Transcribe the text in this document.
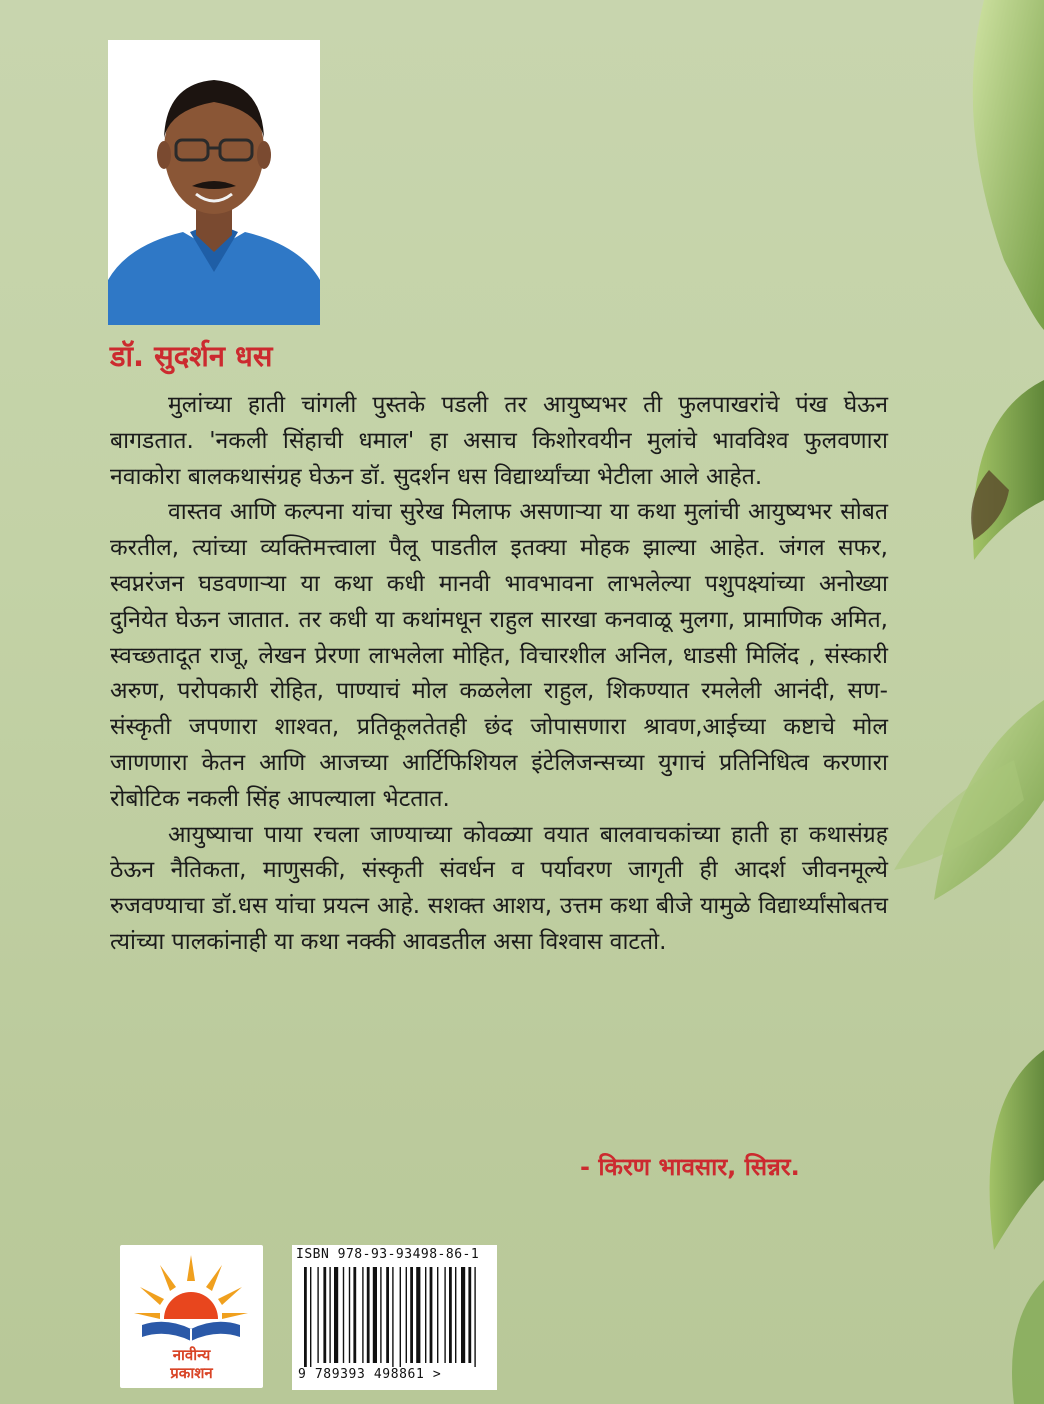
डॉ. सुदर्शन धस

मुलांच्या हाती चांगली पुस्तके पडली तर आयुष्यभर ती फुलपाखरांचे पंख घेऊन बागडतात. 'नकली सिंहाची धमाल' हा असाच किशोरवयीन मुलांचे भावविश्व फुलवणारा नवाकोरा बालकथासंग्रह घेऊन डॉ. सुदर्शन धस विद्यार्थ्यांच्या भेटीला आले आहेत.

वास्तव आणि कल्पना यांचा सुरेख मिलाफ असणाऱ्या या कथा मुलांची आयुष्यभर सोबत करतील, त्यांच्या व्यक्तिमत्त्वाला पैलू पाडतील इतक्या मोहक झाल्या आहेत. जंगल सफर, स्वप्नरंजन घडवणाऱ्या या कथा कधी मानवी भावभावना लाभलेल्या पशुपक्ष्यांच्या अनोख्या दुनियेत घेऊन जातात. तर कधी या कथांमधून राहुल सारखा कनवाळू मुलगा, प्रामाणिक अमित, स्वच्छतादूत राजू, लेखन प्रेरणा लाभलेला मोहित, विचारशील अनिल, धाडसी मिलिंद , संस्कारी अरुण, परोपकारी रोहित, पाण्याचं मोल कळलेला राहुल, शिकण्यात रमलेली आनंदी, सण- संस्कृती जपणारा शाश्वत, प्रतिकूलतेतही छंद जोपासणारा श्रावण,आईच्या कष्टाचे मोल जाणणारा केतन आणि आजच्या आर्टिफिशियल इंटेलिजन्सच्या युगाचं प्रतिनिधित्व करणारा रोबोटिक नकली सिंह आपल्याला भेटतात.

आयुष्याचा पाया रचला जाण्याच्या कोवळ्या वयात बालवाचकांच्या हाती हा कथासंग्रह ठेऊन नैतिकता, माणुसकी, संस्कृती संवर्धन व पर्यावरण जागृती ही आदर्श जीवनमूल्ये रुजवण्याचा डॉ.धस यांचा प्रयत्न आहे. सशक्त आशय, उत्तम कथा बीजे यामुळे विद्यार्थ्यांसोबतच त्यांच्या पालकांनाही या कथा नक्की आवडतील असा विश्वास वाटतो.

- किरण भावसार, सिन्नर.

नावीन्य
प्रकाशन

ISBN 978-93-93498-86-1

9 789393 498861 >
